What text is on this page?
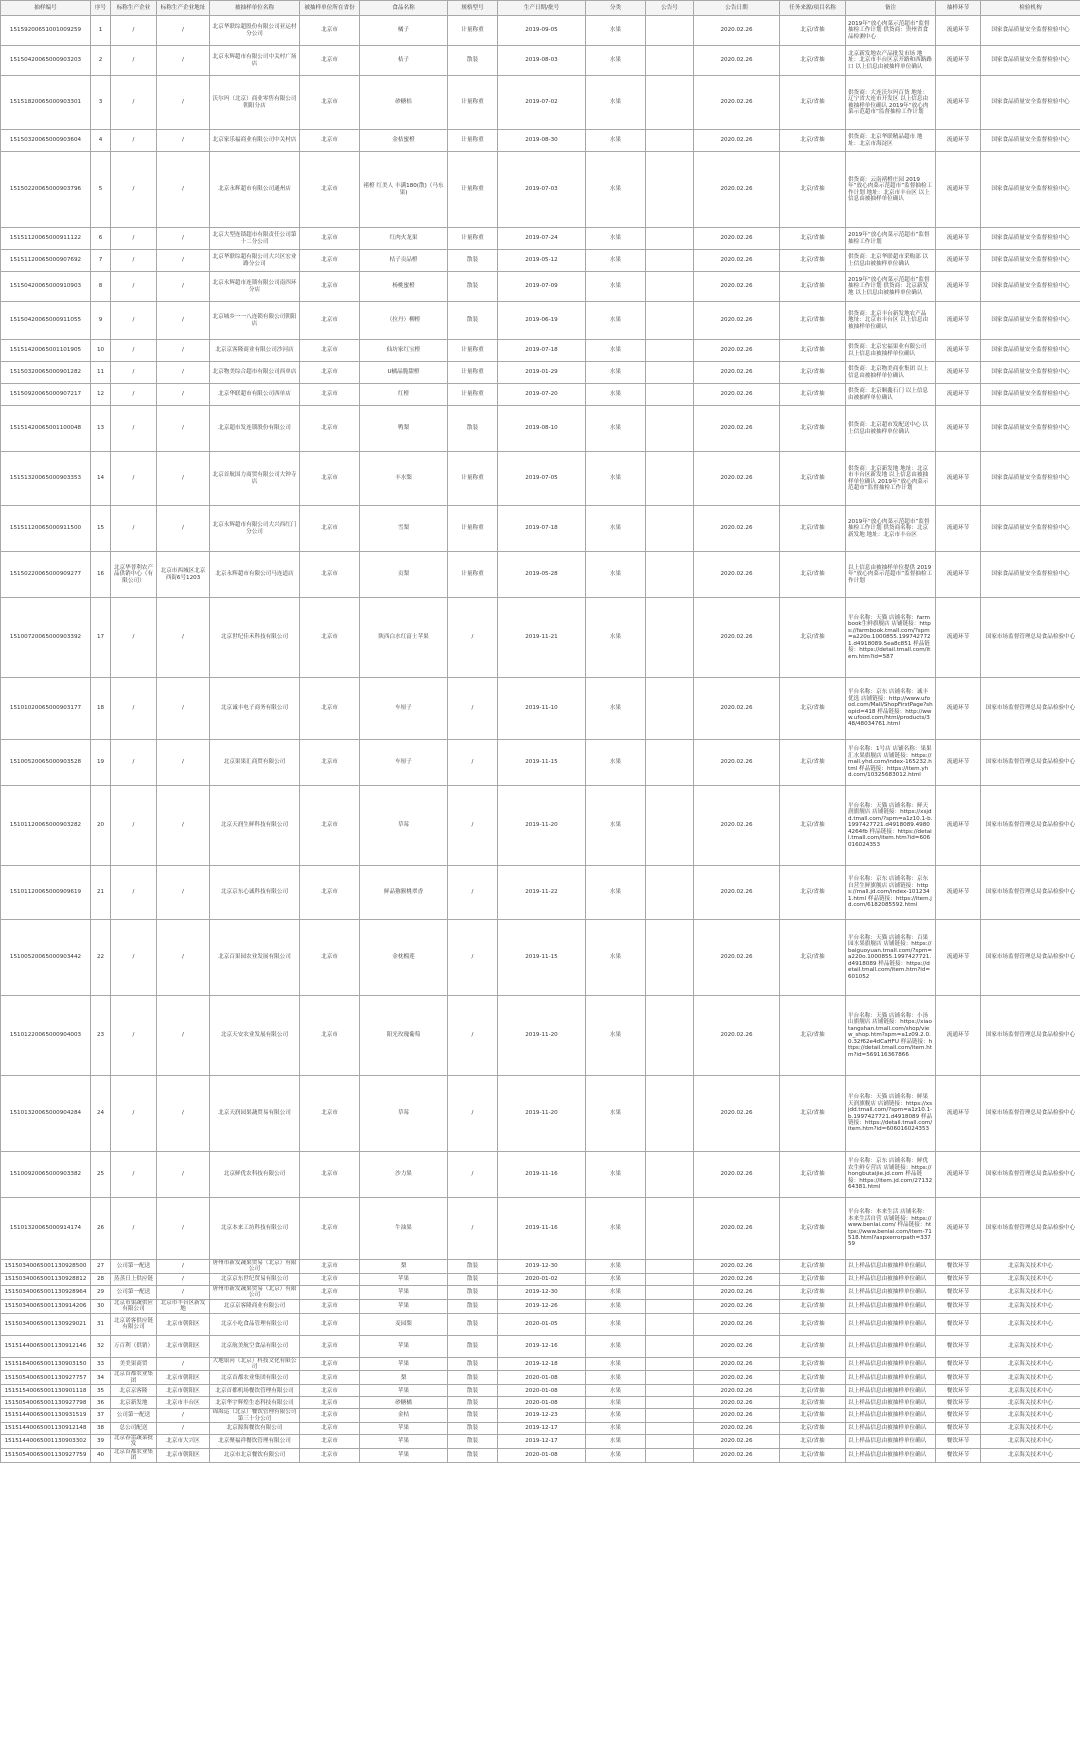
抽样编号	序号	标称生产企业	标称生产企业地址	被抽样单位名称	被抽样单位所在省份	食品名称	规格型号	生产日期/批号	分类	公告号	公告日期	任务来源/项目名称	备注	抽样环节	检验机构
15159200651001009259	1	/	/	北京华联综超股份有限公司亚运村分公司	北京市	橘子	计量称重	2019-09-05	水果		2020.02.26	北京/省抽	2019年“放心肉菜示范超市”监督抽检工作计划 供货商：贵州省食品检测中心	流通环节	国家食品质量安全监督检验中心
15150420065000903203	2	/	/	北京永辉超市有限公司中关村广场店	北京市	桔子	散装	2019-08-03	水果		2020.02.26	北京/省抽	北京新发地农产品批发市场 地址：北京市丰台区京开路和西路路口 以上信息由被抽样单位确认	流通环节	国家食品质量安全监督检验中心
15151820065000903301	3	/	/	沃尔玛（北京）商业零售有限公司朝阳分店	北京市	砂糖桔	计量称重	2019-07-02	水果		2020.02.26	北京/省抽	供货商：大连沃尔玛百货 地址：辽宁省大连市开发区 以上信息由被抽样单位确认 2019年“放心肉菜示范超市”监督抽检工作计划	流通环节	国家食品质量安全监督检验中心
15150320065000903604	4	/	/	北京家乐福商业有限公司中关村店	北京市	金桔蜜橙	计量称重	2019-08-30	水果		2020.02.26	北京/省抽	供货商：北京华联精品超市 地址：北京市海淀区	流通环节	国家食品质量安全监督检验中心
15150220065000903796	5	/	/	北京永辉超市有限公司通州店	北京市	褚橙 红美人 丰满180(散)（马东果)	计量称重	2019-07-03	水果		2020.02.26	北京/省抽	供货商：云南褚橙庄园 2019年“放心肉菜示范超市”监督抽检工作计划 地址：北京市丰台区 以上信息由被抽样单位确认	流通环节	国家食品质量安全监督检验中心
15151120065000911122	6	/	/	北京大型连锁超市有限责任公司第十二分公司	北京市	红肉火龙果	计量称重	2019-07-24	水果		2020.02.26	北京/省抽	2019年“放心肉菜示范超市”监督抽检工作计划	流通环节	国家食品质量安全监督检验中心
15151120065000907692	7	/	/	北京华联综超有限公司大兴区宏业路分公司	北京市	桔子贡品橙	散装	2019-05-12	水果		2020.02.26	北京/省抽	供货商：北京华联超市采购部 以上信息由被抽样单位确认	流通环节	国家食品质量安全监督检验中心
15150420065000910903	8	/	/	北京永辉超市连锁有限公司南四环分店	北京市	杨桃蜜橙	散装	2019-07-09	水果		2020.02.26	北京/省抽	2019年“放心肉菜示范超市”监督抽检工作计划 供货商：北京新发地 以上信息由被抽样单位确认	流通环节	国家食品质量安全监督检验中心
15150420065000911055	9	/	/	北京城乡一一八连锁有限公司朝阳店	北京市	（拉丹）柳橙	散装	2019-06-19	水果		2020.02.26	北京/省抽	供货商：北京丰台新发地农产品 地址：北京市丰台区 以上信息由被抽样单位确认	流通环节	国家食品质量安全监督检验中心
15151420065001101905	10	/	/	北京京客隆商业有限公司沙河店	北京市	仙坊家红宝橙	计量称重	2019-07-18	水果		2020.02.26	北京/省抽	供货商：北京宏福果业有限公司 以上信息由被抽样单位确认	流通环节	国家食品质量安全监督检验中心
15150320065000901282	11	/	/	北京物美综合超市有限公司西单店	北京市	U橘晶脆甜橙	计量称重	2019-01-29	水果		2020.02.26	北京/省抽	供货商：北京物美商业集团 以上信息由被抽样单位确认	流通环节	国家食品质量安全监督检验中心
15150920065000907217	12	/	/	北京华联超市有限公司西单店	北京市	红橙	计量称重	2019-07-20	水果		2020.02.26	北京/省抽	供货商：北京顺鑫石门 以上信息由被抽样单位确认	流通环节	国家食品质量安全监督检验中心
15151420065001100048	13	/	/	北京超市发连锁股份有限公司	北京市	鸭梨	散装	2019-08-10	水果		2020.02.26	北京/省抽	供货商：北京超市发配送中心 以上信息由被抽样单位确认	流通环节	国家食品质量安全监督检验中心
15151320065000903353	14	/	/	北京首航国力商贸有限公司大钟寺店	北京市	丰水梨	计量称重	2019-07-05	水果		2020.02.26	北京/省抽	供货商：北京新发地 地址：北京市丰台区新发地 以上信息由被抽样单位确认 2019年“放心肉菜示范超市”监督抽检工作计划	流通环节	国家食品质量安全监督检验中心
15151120065000911500	15	/	/	北京永辉超市有限公司大兴西红门分公司	北京市	雪梨	计量称重	2019-07-18	水果		2020.02.26	北京/省抽	2019年“放心肉菜示范超市”监督抽检工作计划 供货商名称：北京新发地 地址：北京市丰台区	流通环节	国家食品质量安全监督检验中心
15150220065000909277	16	北京华普利农产品供销中心（有限公司）	北京市西城区北京西街6号1203	北京永辉超市有限公司马连道店	北京市	贡梨	计量称重	2019-05-28	水果		2020.02.26	北京/省抽	以上信息由被抽样单位提供 2019年“放心肉菜示范超市”监督抽检工作计划	流通环节	国家食品质量安全监督检验中心
15100720065000903392	17	/	/	北京世纪佳禾科技有限公司	北京市	陕西白水红富士苹果	/	2019-11-21	水果		2020.02.26	北京/省抽	平台名称：天猫 店铺名称：farmbook生鲜旗舰店 店铺链接：https://farmbook.tmall.com/?spm=a220o.1000855.1997427721.d4918089.5ea8c851 样品链接：https://detail.tmall.com/item.htm?id=587	流通环节	国家市场监督管理总局食品检验中心
15101020065000903177	18	/	/	北京诚丰电子商务有限公司	北京市	车厘子	/	2019-11-10	水果		2020.02.26	北京/省抽	平台名称：京东 店铺名称：诚丰优选 店铺链接：http://www.ufood.com/Mall/ShopFirstPage?shopid=418 样品链接：http://www.ufood.com/html/products/348/48034761.html	流通环节	国家市场监督管理总局食品检验中心
15100520065000903528	19	/	/	北京果果汇商贸有限公司	北京市	车厘子	/	2019-11-15	水果		2020.02.26	北京/省抽	平台名称：1号店 店铺名称：果果汇水果旗舰店 店铺链接：https://mall.yhd.com/index-165232.html 样品链接：https://item.yhd.com/10325683012.html	流通环节	国家市场监督管理总局食品检验中心
15101120065000903282	20	/	/	北京天润生鲜科技有限公司	北京市	草莓	/	2019-11-20	水果		2020.02.26	北京/省抽	平台名称：天猫 店铺名称：鲜天润旗舰店 店铺链接：https://xsjdd.tmall.com/?spm=a1z10.1-b.1997427721.d4918089.49804264fb 样品链接：https://detail.tmall.com/item.htm?id=606016024353	流通环节	国家市场监督管理总局食品检验中心
15101120065000909619	21	/	/	北京京东心诚科技有限公司	北京市	鲜品猕猴桃翠香	/	2019-11-22	水果		2020.02.26	北京/省抽	平台名称：京东 店铺名称：京东自营生鲜旗舰店 店铺链接：https://mall.jd.com/index-1012341.html 样品链接：https://item.jd.com/6182085592.html	流通环节	国家市场监督管理总局食品检验中心
15100520065000903442	22	/	/	北京百果园农业发展有限公司	北京市	金枕榴莲	/	2019-11-15	水果		2020.02.26	北京/省抽	平台名称：天猫 店铺名称：百果园水果旗舰店 店铺链接：https://baiguoyuan.tmall.com/?spm=a220o.1000855.1997427721.d4918089 样品链接：https://detail.tmall.com/item.htm?id=601052	流通环节	国家市场监督管理总局食品检验中心
15101220065000904003	23	/	/	北京天安农业发展有限公司	北京市	阳光玫瑰葡萄	/	2019-11-20	水果		2020.02.26	北京/省抽	平台名称：天猫 店铺名称：小汤山旗舰店 店铺链接：https://xiaotangshan.tmall.com/shop/view_shop.htm?spm=a1z09.2.0.0.32f62e4dCaHFU 样品链接：https://detail.tmall.com/item.htm?id=569116367866	流通环节	国家市场监督管理总局食品检验中心
15101320065000904284	24	/	/	北京天润园果蔬贸易有限公司	北京市	草莓	/	2019-11-20	水果		2020.02.26	北京/省抽	平台名称：天猫 店铺名称：鲜果天润旗舰店 店铺链接：https://xsjdd.tmall.com/?spm=a1z10.1-b.1997427721.d4918089 样品链接：https://detail.tmall.com/item.htm?id=606016024353	流通环节	国家市场监督管理总局食品检验中心
15100920065000903382	25	/	/	北京鲜优农科技有限公司	北京市	沙力果	/	2019-11-16	水果		2020.02.26	北京/省抽	平台名称：京东 店铺名称：鲜优农生鲜专营店 店铺链接：https://hongbutaijie.jd.com 样品链接：https://item.jd.com/2713264381.html	流通环节	国家市场监督管理总局食品检验中心
15101320065000914174	26	/	/	北京本来工坊科技有限公司	北京市	牛油果	/	2019-11-16	水果		2020.02.26	北京/省抽	平台名称：本来生活 店铺名称：本来生活自营 店铺链接：https://www.benlai.com/ 样品链接：https://www.benlai.com/item-71518.html?aspxerrorpath=33759	流通环节	国家市场监督管理总局食品检验中心
15150340065001130928500	27	公司第一配送	/	唐州市新发蔬果贸易（北京）有限公司	北京市	梨	散装	2019-12-30	水果		2020.02.26	北京/省抽	以上样品信息由被抽样单位确认	餐饮环节	北京海关技术中心
15150340065001130928812	28	蒸蒸日上供应链	/	北京京东世纪贸易有限公司	北京市	苹果	散装	2020-01-02	水果		2020.02.26	北京/省抽	以上样品信息由被抽样单位确认	餐饮环节	北京海关技术中心
15150340065001130928964	29	公司第一配送	/	唐州市新发蔬果贸易（北京）有限公司	北京市	苹果	散装	2019-12-30	水果		2020.02.26	北京/省抽	以上样品信息由被抽样单位确认	餐饮环节	北京海关技术中心
15150340065001130914206	30	北京市果蔬供应有限公司	北京市丰台区新发地	北京京客隆商业有限公司	北京市	苹果	散装	2019-12-26	水果		2020.02.26	北京/省抽	以上样品信息由被抽样单位确认	餐饮环节	北京海关技术中心
15150340065001130929021	31	北京诺客供应链有限公司	北京市朝阳区	北京小吃食品管理有限公司	北京市	麦园梨	散装	2020-01-05	水果		2020.02.26	北京/省抽	以上样品信息由被抽样单位确认	餐饮环节	北京海关技术中心
15151440065001130912146	32	万百利（供销）	北京市朝阳区	北京航美航空食品有限公司	北京市	苹果	散装	2019-12-16	水果		2020.02.26	北京/省抽	以上样品信息由被抽样单位确认	餐饮环节	北京海关技术中心
15151840065001130903150	33	美美果商贸	/	大地银河（北京）科技文化有限公司	北京市	苹果	散装	2019-12-18	水果		2020.02.26	北京/省抽	以上样品信息由被抽样单位确认	餐饮环节	北京海关技术中心
15150540065001130927757	34	北京首都农业集团	北京市朝阳区	北京首都农业集团有限公司	北京市	梨	散装	2020-01-08	水果		2020.02.26	北京/省抽	以上样品信息由被抽样单位确认	餐饮环节	北京海关技术中心
15151540065001130901118	35	北京京客隆	北京市朝阳区	北京首都机场餐饮管理有限公司	北京市	苹果	散装	2020-01-08	水果		2020.02.26	北京/省抽	以上样品信息由被抽样单位确认	餐饮环节	北京海关技术中心
15150540065001130927798	36	北京新发地	北京市丰台区	北京华宇辉煌生态科技有限公司	北京市	砂糖橘	散装	2020-01-08	水果		2020.02.26	北京/省抽	以上样品信息由被抽样单位确认	餐饮环节	北京海关技术中心
15151440065001130931519	37	公司第一配送	/	锦海运（北京）餐饮管理有限公司第三十分公司	北京市	金桔	散装	2019-12-23	水果		2020.02.26	北京/省抽	以上样品信息由被抽样单位确认	餐饮环节	北京海关技术中心
15151440065001130912148	38	总公司配送	/	北京源海餐饮有限公司	北京市	苹果	散装	2019-12-17	水果		2020.02.26	北京/省抽	以上样品信息由被抽样单位确认	餐饮环节	北京海关技术中心
15151440065001130903302	39	北京春雷蔬菜批发	北京市大兴区	北京聚福祥餐饮管理有限公司	北京市	苹果	散装	2019-12-17	水果		2020.02.26	北京/省抽	以上样品信息由被抽样单位确认	餐饮环节	北京海关技术中心
15150540065001130927759	40	北京首都农业集团	北京市朝阳区	北京市北京餐饮有限公司	北京市	苹果	散装	2020-01-08	水果		2020.02.26	北京/省抽	以上样品信息由被抽样单位确认	餐饮环节	北京海关技术中心
